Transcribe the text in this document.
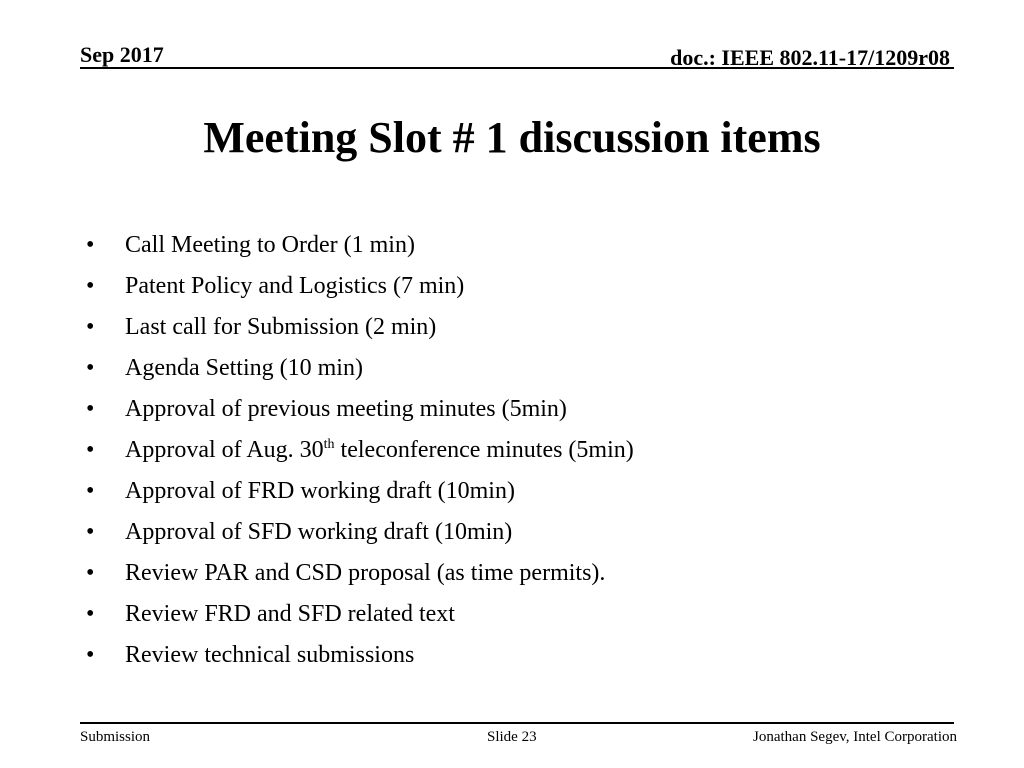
Sep 2017	doc.: IEEE 802.11-17/1209r08
Meeting Slot # 1 discussion items
•	Call Meeting to Order (1 min)
•	Patent Policy and Logistics (7 min)
•	Last call for Submission (2 min)
•	Agenda Setting (10 min)
•	Approval of previous meeting minutes (5min)
•	Approval of Aug. 30th teleconference minutes (5min)
•	Approval of FRD working draft (10min)
•	Approval of SFD working draft (10min)
•	Review PAR and CSD proposal (as time permits).
•	Review FRD and SFD related text
•	Review technical submissions
Submission	Slide 23	Jonathan Segev, Intel Corporation
